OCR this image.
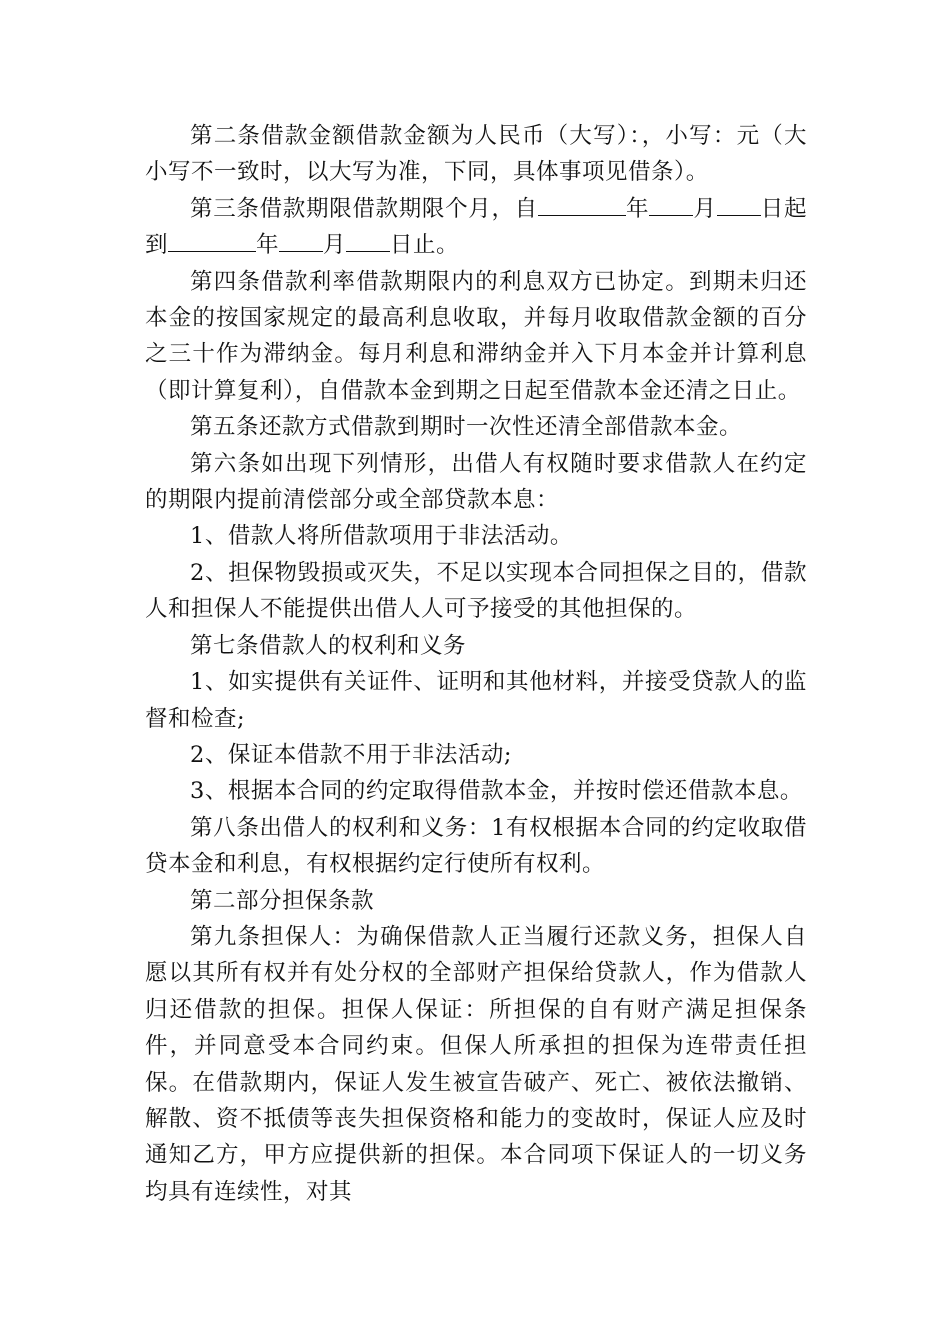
第二条借款金额借款金额为人民币（大写）：，小写：元（大小写不一致时，以大写为准，下同，具体事项见借条）。

第三条借款期限借款期限个月，自	年 月 日起到	年 月 日止。

第四条借款利率借款期限内的利息双方已协定。到期未归还本金的按国家规定的最高利息收取，并每月收取借款金额的百分之三十作为滞纳金。每月利息和滞纳金并入下月本金并计算利息（即计算复利），自借款本金到期之日起至借款本金还清之日止。

第五条还款方式借款到期时一次性还清全部借款本金。

第六条如出现下列情形，出借人有权随时要求借款人在约定的期限内提前清偿部分或全部贷款本息：

1、借款人将所借款项用于非法活动。

2、担保物毁损或灭失，不足以实现本合同担保之目的，借款人和担保人不能提供出借人人可予接受的其他担保的。

第七条借款人的权利和义务

1、如实提供有关证件、证明和其他材料，并接受贷款人的监督和检查;

2、保证本借款不用于非法活动;

3、根据本合同的约定取得借款本金，并按时偿还借款本息。

第八条出借人的权利和义务：1有权根据本合同的约定收取借贷本金和利息，有权根据约定行使所有权利。

第二部分担保条款

第九条担保人：为确保借款人正当履行还款义务，担保人自愿以其所有权并有处分权的全部财产担保给贷款人，作为借款人归还借款的担保。担保人保证：所担保的自有财产满足担保条件，并同意受本合同约束。但保人所承担的担保为连带责任担保。在借款期内，保证人发生被宣告破产、死亡、被依法撤销、解散、资不抵债等丧失担保资格和能力的变故时，保证人应及时通知乙方，甲方应提供新的担保。本合同项下保证人的一切义务均具有连续性，对其
